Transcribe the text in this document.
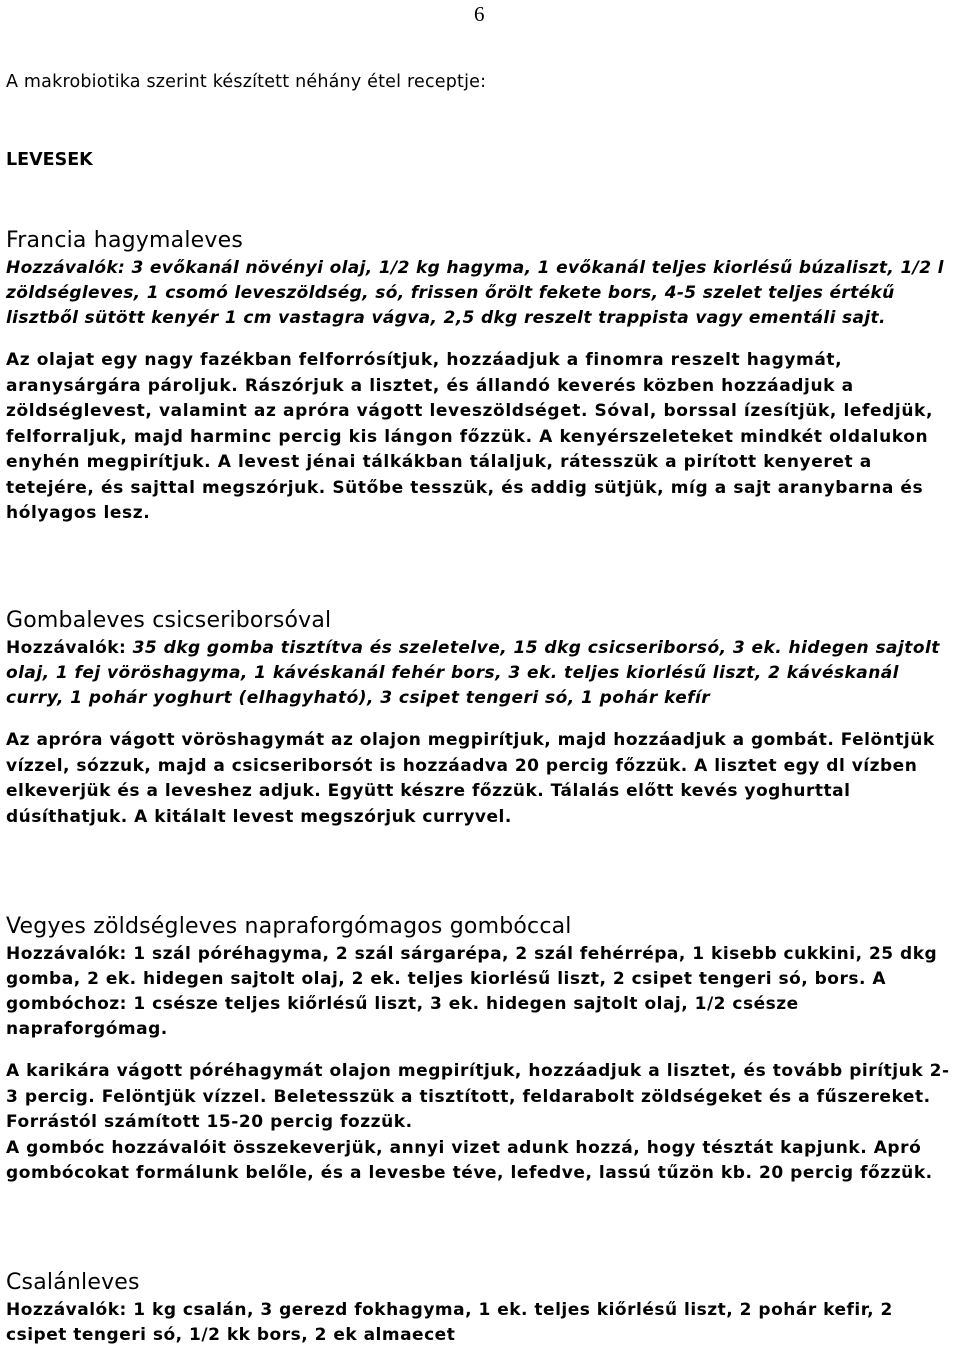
6
A makrobiotika szerint készített néhány étel receptje:
LEVESEK
Francia hagymaleves

Hozzávalók: 3 evőkanál növényi olaj, 1/2 kg hagyma, 1 evőkanál teljes kiorlésű búzaliszt, 1/2 l zöldségleves, 1 csomó leveszöldség, só, frissen őrölt fekete bors, 4-5 szelet teljes értékű lisztből sütött kenyér 1 cm vastagra vágva, 2,5 dkg reszelt trappista vagy ementáli sajt.

Az olajat egy nagy fazékban felforrósítjuk, hozzáadjuk a finomra reszelt hagymát, aranysárgára pároljuk. Rászórjuk a lisztet, és állandó keverés közben hozzáadjuk a zöldséglevest, valamint az apróra vágott leveszöldséget. Sóval, borssal ízesítjük, lefedjük, felforraljuk, majd harminc percig kis lángon főzzük. A kenyérszeleteket mindkét oldalukon enyhén megpirítjuk. A levest jénai tálkákban tálaljuk, rátesszük a pirított kenyeret a tetejére, és sajttal megszórjuk. Sütőbe tesszük, és addig sütjük, míg a sajt aranybarna és hólyagos lesz.

Gombaleves csicseriborsóval

Hozzávalók: 35 dkg gomba tisztítva és szeletelve, 15 dkg csicseriborsó, 3 ek. hidegen sajtolt olaj, 1 fej vöröshagyma, 1 kávéskanál fehér bors, 3 ek. teljes kiorlésű liszt, 2 kávéskanál curry, 1 pohár yoghurt (elhagyható), 3 csipet tengeri só, 1 pohár kefír

Az apróra vágott vöröshagymát az olajon megpirítjuk, majd hozzáadjuk a gombát. Felöntjük vízzel, sózzuk, majd a csicseriborsót is hozzáadva 20 percig főzzük. A lisztet egy dl vízben elkeverjük és a leveshez adjuk. Együtt készre főzzük. Tálalás előtt kevés yoghurttal dúsíthatjuk. A kitálalt levest megszórjuk curryvel.

Vegyes zöldségleves napraforgómagos gombóccal

Hozzávalók: 1 szál póréhagyma, 2 szál sárgarépa, 2 szál fehérrépa, 1 kisebb cukkini, 25 dkg gomba, 2 ek. hidegen sajtolt olaj, 2 ek. teljes kiorlésű liszt, 2 csipet tengeri só, bors. A gombóchoz: 1 csésze teljes kiőrlésű liszt, 3 ek. hidegen sajtolt olaj, 1/2 csésze napraforgómag.

A karikára vágott póréhagymát olajon megpirítjuk, hozzáadjuk a lisztet, és tovább pirítjuk 2-3 percig. Felöntjük vízzel. Beletesszük a tisztított, feldarabolt zöldségeket és a fűszereket. Forrástól számított 15-20 percig fozzük.

A gombóc hozzávalóit összekeverjük, annyi vizet adunk hozzá, hogy tésztát kapjunk. Apró gombócokat formálunk belőle, és a levesbe téve, lefedve, lassú tűzön kb. 20 percig főzzük.

Csalánleves

Hozzávalók: 1 kg csalán, 3 gerezd fokhagyma, 1 ek. teljes kiőrlésű liszt, 2 pohár kefir, 2 csipet tengeri só, 1/2 kk bors, 2 ek almaecet
